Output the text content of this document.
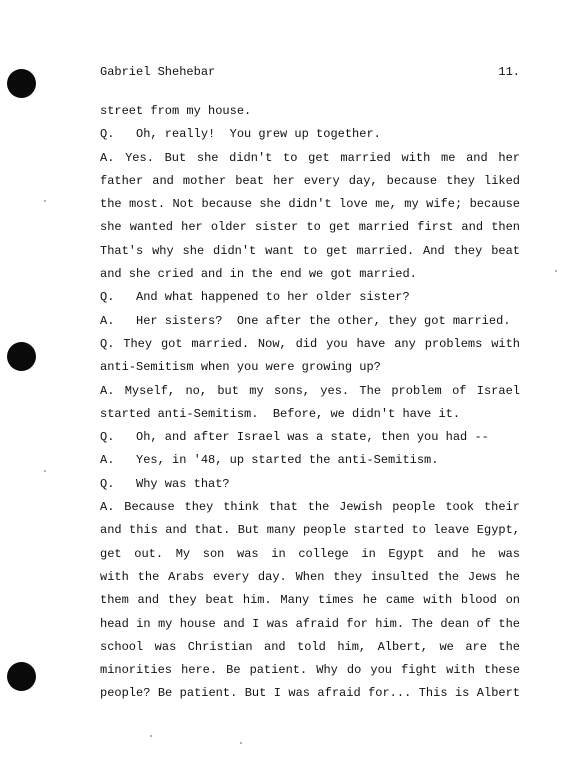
Gabriel Shehebar	11.
street from my house.
Q.   Oh, really!  You grew up together.
A. Yes. But she didn't to get married with me and her
father and mother beat her every day, because they liked
the most. Not because she didn't love me, my wife; because
she wanted her older sister to get married first and then
That's why she didn't want to get married. And they beat
and she cried and in the end we got married.
Q.   And what happened to her older sister?
A.   Her sisters?  One after the other, they got married.
Q. They got married. Now, did you have any problems with
anti-Semitism when you were growing up?
A. Myself, no, but my sons, yes. The problem of Israel
started anti-Semitism.  Before, we didn't have it.
Q.   Oh, and after Israel was a state, then you had --
A.   Yes, in '48, up started the anti-Semitism.
Q.   Why was that?
A. Because they think that the Jewish people took their
and this and that. But many people started to leave Egypt,
get out. My son was in college in Egypt and he was
with the Arabs every day. When they insulted the Jews he
them and they beat him. Many times he came with blood on
head in my house and I was afraid for him. The dean of the
school was Christian and told him, Albert, we are the
minorities here. Be patient. Why do you fight with these
people? Be patient. But I was afraid for... This is Albert
